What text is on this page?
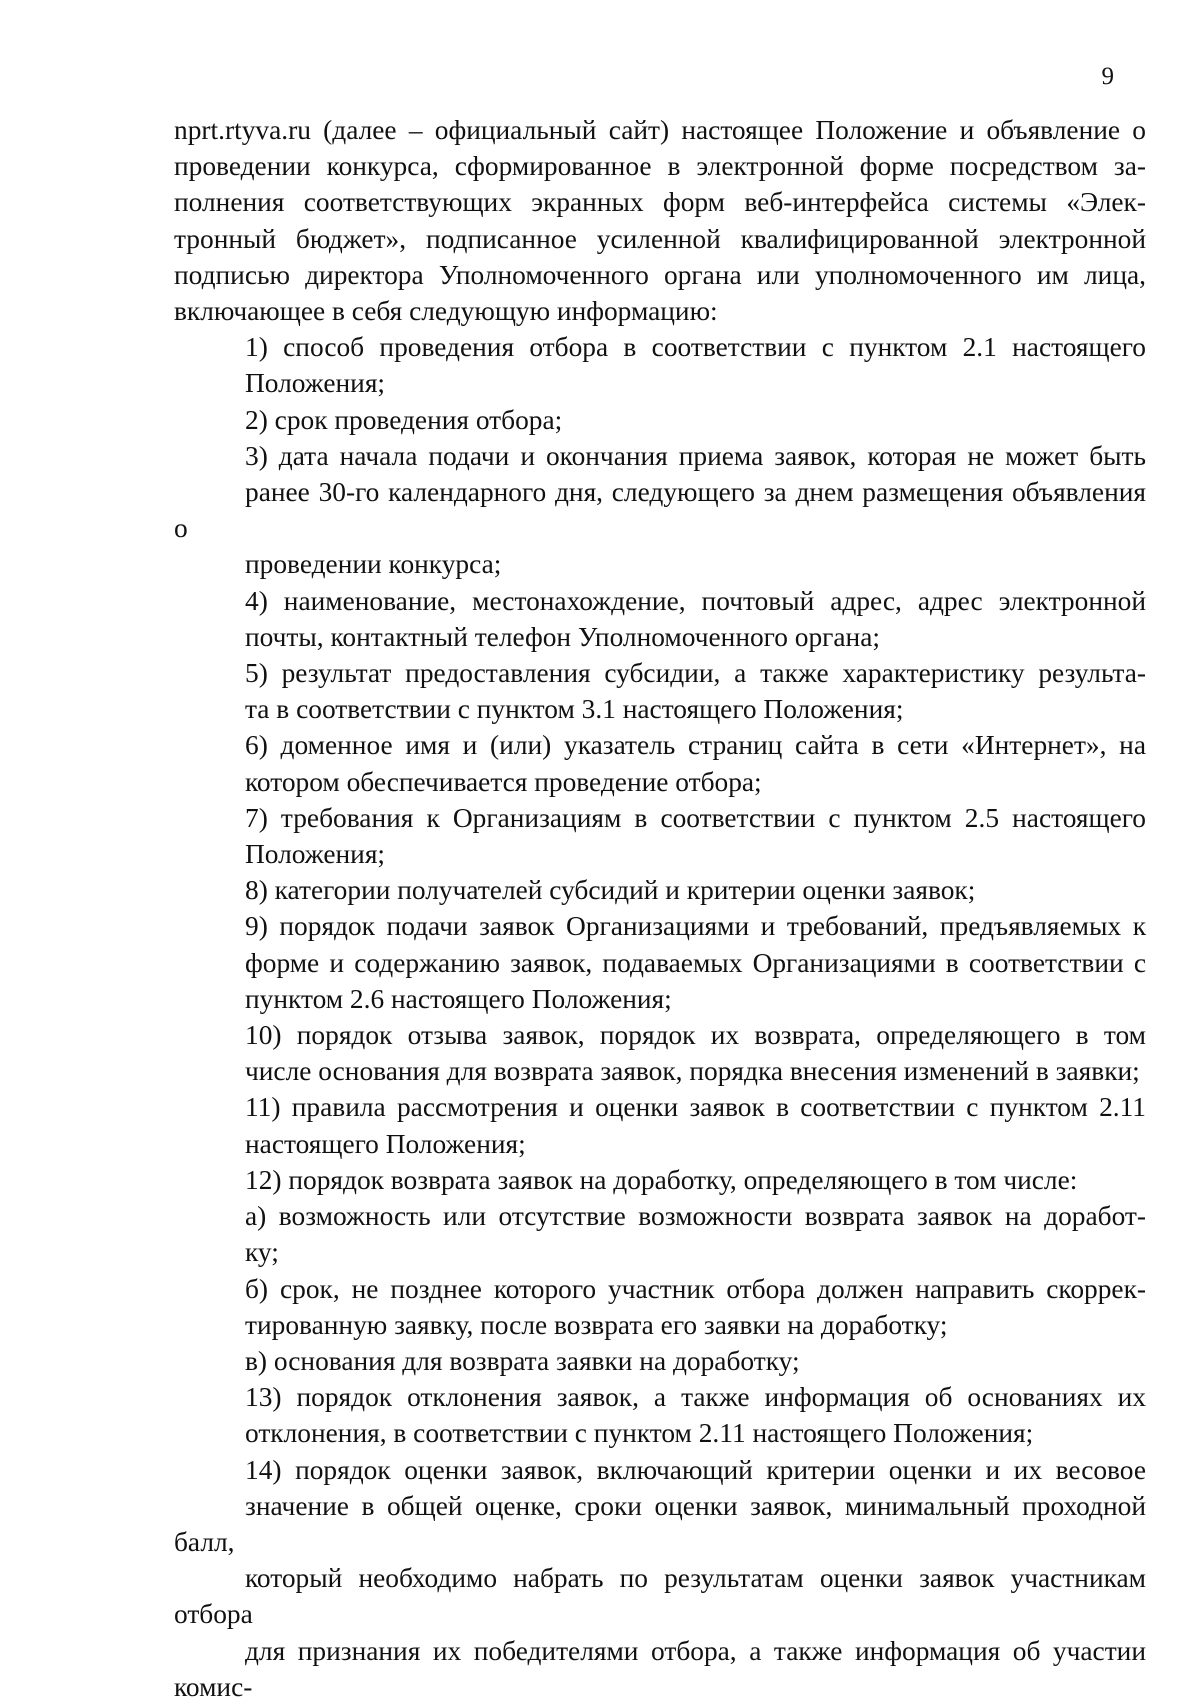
9
nprt.rtyva.ru (далее – официальный сайт) настоящее Положение и объявление о
проведении конкурса, сформированное в электронной форме посредством за-
полнения соответствующих экранных форм веб-интерфейса системы «Элек-
тронный бюджет», подписанное усиленной квалифицированной электронной
подписью директора Уполномоченного органа или уполномоченного им лица,
включающее в себя следующую информацию:
1) способ проведения отбора в соответствии с пунктом 2.1 настоящего
Положения;
2) срок проведения отбора;
3) дата начала подачи и окончания приема заявок, которая не может быть
ранее 30-го календарного дня, следующего за днем размещения объявления о
проведении конкурса;
4) наименование, местонахождение, почтовый адрес, адрес электронной
почты, контактный телефон Уполномоченного органа;
5) результат предоставления субсидии, а также характеристику результа-
та в соответствии с пунктом 3.1 настоящего Положения;
6) доменное имя и (или) указатель страниц сайта в сети «Интернет», на
котором обеспечивается проведение отбора;
7) требования к Организациям в соответствии с пунктом 2.5 настоящего
Положения;
8) категории получателей субсидий и критерии оценки заявок;
9) порядок подачи заявок Организациями и требований, предъявляемых к
форме и содержанию заявок, подаваемых Организациями в соответствии с
пунктом 2.6 настоящего Положения;
10) порядок отзыва заявок, порядок их возврата, определяющего в том
числе основания для возврата заявок, порядка внесения изменений в заявки;
11) правила рассмотрения и оценки заявок в соответствии с пунктом 2.11
настоящего Положения;
12) порядок возврата заявок на доработку, определяющего в том числе:
а) возможность или отсутствие возможности возврата заявок на доработ-
ку;
б) срок, не позднее которого участник отбора должен направить скоррек-
тированную заявку, после возврата его заявки на доработку;
в) основания для возврата заявки на доработку;
13) порядок отклонения заявок, а также информация об основаниях их
отклонения, в соответствии с пунктом 2.11 настоящего Положения;
14) порядок оценки заявок, включающий критерии оценки и их весовое
значение в общей оценке, сроки оценки заявок, минимальный проходной балл,
который необходимо набрать по результатам оценки заявок участникам отбора
для признания их победителями отбора, а также информация об участии комис-
